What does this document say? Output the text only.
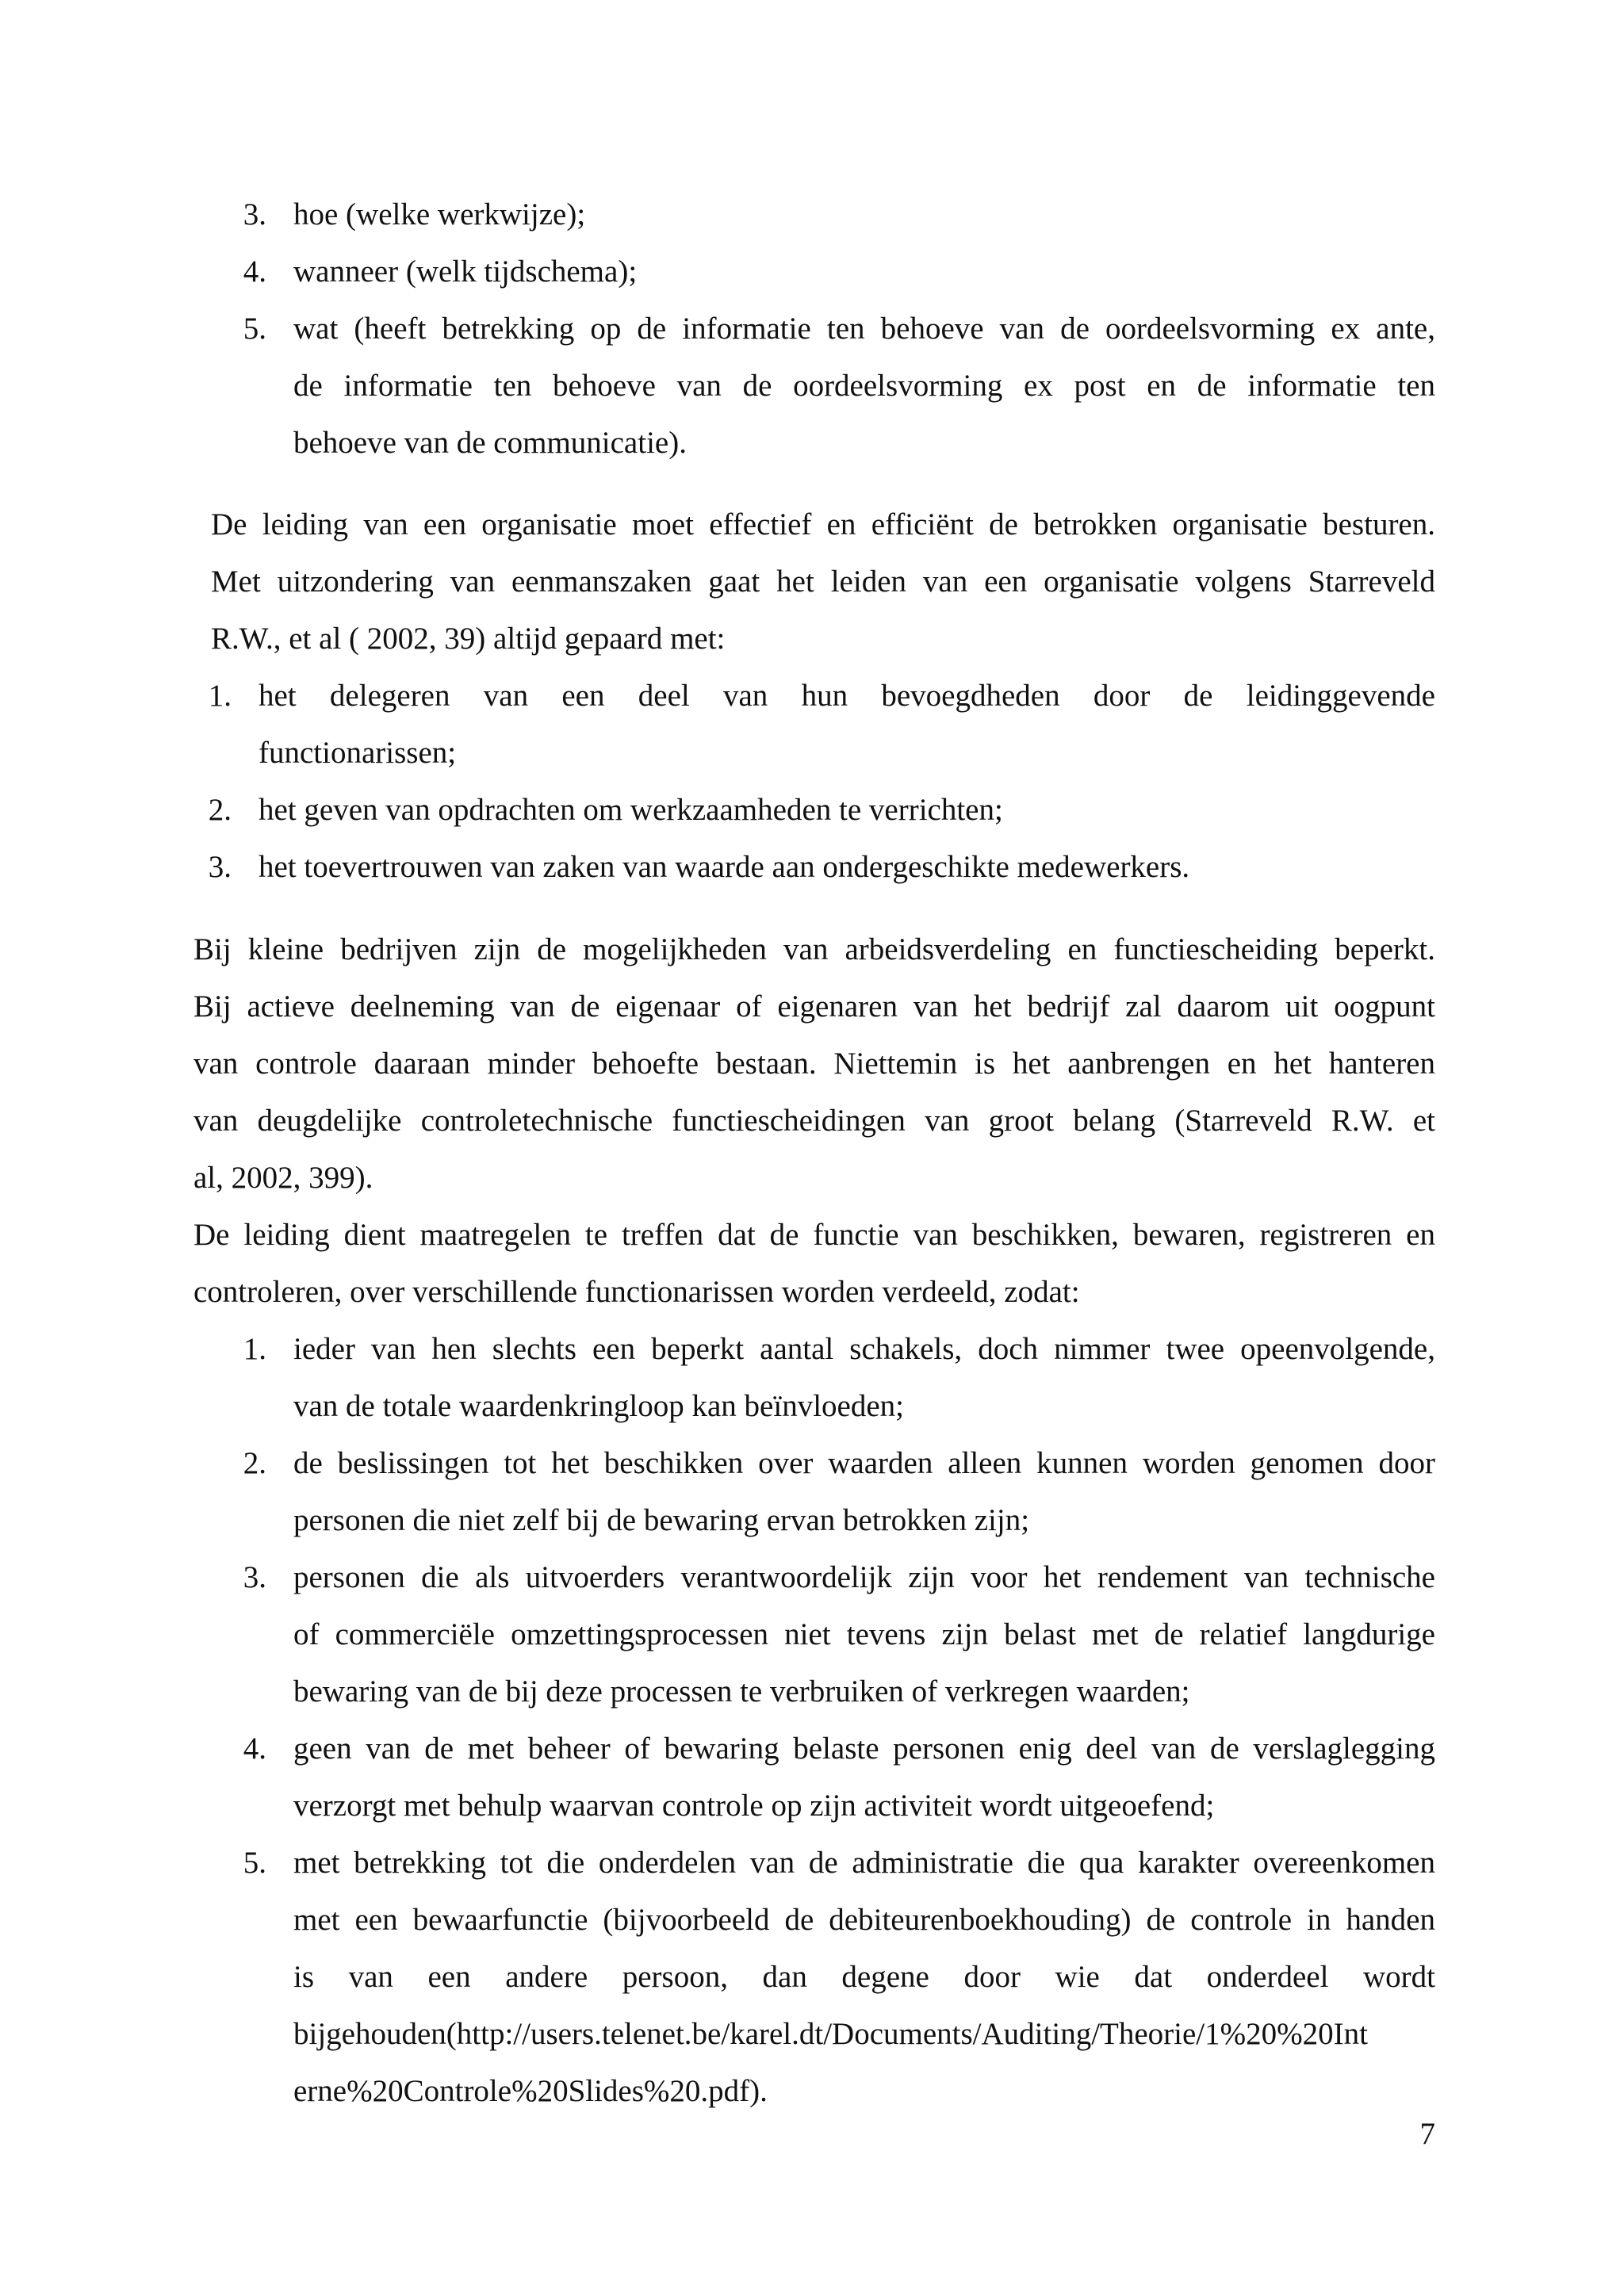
3. hoe (welke werkwijze);
4. wanneer (welk tijdschema);
5. wat (heeft betrekking op de informatie ten behoeve van de oordeelsvorming ex ante,
de informatie ten behoeve van de oordeelsvorming ex post en de informatie ten
behoeve van de communicatie).
De leiding van een organisatie moet effectief en efficiënt de betrokken organisatie besturen.
Met uitzondering van eenmanszaken gaat het leiden van een organisatie volgens Starreveld
R.W., et al ( 2002, 39) altijd gepaard met:
1. het delegeren van een deel van hun bevoegdheden door de leidinggevende
functionarissen;
2. het geven van opdrachten om werkzaamheden te verrichten;
3. het toevertrouwen van zaken van waarde aan ondergeschikte medewerkers.
Bij kleine bedrijven zijn de mogelijkheden van arbeidsverdeling en functiescheiding beperkt.
Bij actieve deelneming van de eigenaar of eigenaren van het bedrijf zal daarom uit oogpunt
van controle daaraan minder behoefte bestaan. Niettemin is het aanbrengen en het hanteren
van deugdelijke controletechnische functiescheidingen van groot belang (Starreveld R.W. et
al, 2002, 399).
De leiding dient maatregelen te treffen dat de functie van beschikken, bewaren, registreren en
controleren, over verschillende functionarissen worden verdeeld, zodat:
1. ieder van hen slechts een beperkt aantal schakels, doch nimmer twee opeenvolgende,
van de totale waardenkringloop kan beïnvloeden;
2. de beslissingen tot het beschikken over waarden alleen kunnen worden genomen door
personen die niet zelf bij de bewaring ervan betrokken zijn;
3. personen die als uitvoerders verantwoordelijk zijn voor het rendement van technische
of commerciële omzettingsprocessen niet tevens zijn belast met de relatief langdurige
bewaring van de bij deze processen te verbruiken of verkregen waarden;
4. geen van de met beheer of bewaring belaste personen enig deel van de verslaglegging
verzorgt met behulp waarvan controle op zijn activiteit wordt uitgeoefend;
5. met betrekking tot die onderdelen van de administratie die qua karakter overeenkomen
met een bewaarfunctie (bijvoorbeeld de debiteurenboekhouding) de controle in handen
is van een andere persoon, dan degene door wie dat onderdeel wordt
bijgehouden(http://users.telenet.be/karel.dt/Documents/Auditing/Theorie/1%20%20Int
erne%20Controle%20Slides%20.pdf).
7
